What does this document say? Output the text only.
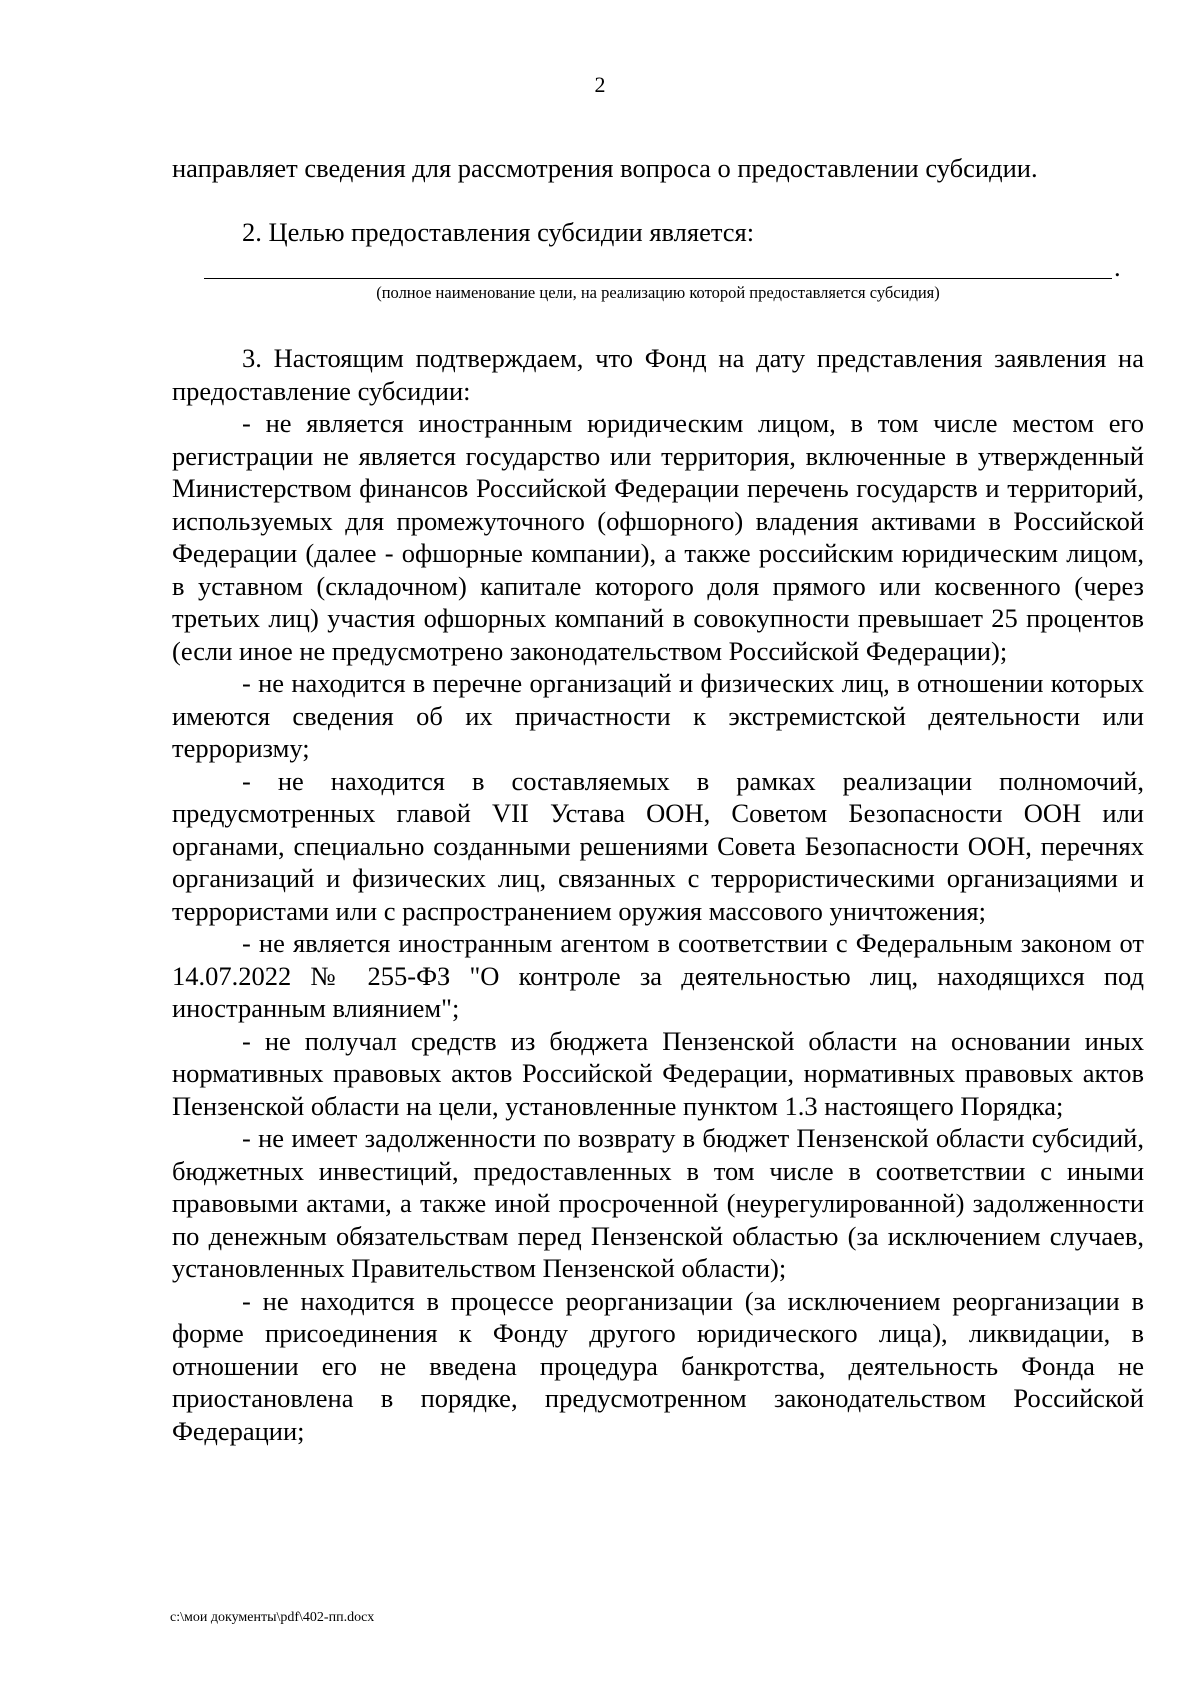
2

направляет сведения для рассмотрения вопроса о предоставлении субсидии.

2. Целью предоставления субсидии является:
.
(полное наименование цели, на реализацию которой предоставляется субсидия)

3. Настоящим подтверждаем, что Фонд на дату представления заявления на предоставление субсидии:

- не является иностранным юридическим лицом, в том числе местом его регистрации не является государство или территория, включенные в утвержденный Министерством финансов Российской Федерации перечень государств и территорий, используемых для промежуточного (офшорного) владения активами в Российской Федерации (далее - офшорные компании), а также российским юридическим лицом, в уставном (складочном) капитале которого доля прямого или косвенного (через третьих лиц) участия офшорных компаний в совокупности превышает 25 процентов (если иное не предусмотрено законодательством Российской Федерации);

- не находится в перечне организаций и физических лиц, в отношении которых имеются сведения об их причастности к экстремистской деятельности или терроризму;

- не находится в составляемых в рамках реализации полномочий, предусмотренных главой VII Устава ООН, Советом Безопасности ООН или органами, специально созданными решениями Совета Безопасности ООН, перечнях организаций и физических лиц, связанных с террористическими организациями и террористами или с распространением оружия массового уничтожения;

- не является иностранным агентом в соответствии с Федеральным законом от 14.07.2022 № 255-ФЗ "О контроле за деятельностью лиц, находящихся под иностранным влиянием";

- не получал средств из бюджета Пензенской области на основании иных нормативных правовых актов Российской Федерации, нормативных правовых актов Пензенской области на цели, установленные пунктом 1.3 настоящего Порядка;

- не имеет задолженности по возврату в бюджет Пензенской области субсидий, бюджетных инвестиций, предоставленных в том числе в соответствии с иными правовыми актами, а также иной просроченной (неурегулированной) задолженности по денежным обязательствам перед Пензенской областью (за исключением случаев, установленных Правительством Пензенской области);

- не находится в процессе реорганизации (за исключением реорганизации в форме присоединения к Фонду другого юридического лица), ликвидации, в отношении его не введена процедура банкротства, деятельность Фонда не приостановлена в порядке, предусмотренном законодательством Российской Федерации;

c:\мои документы\pdf\402-пп.docx
